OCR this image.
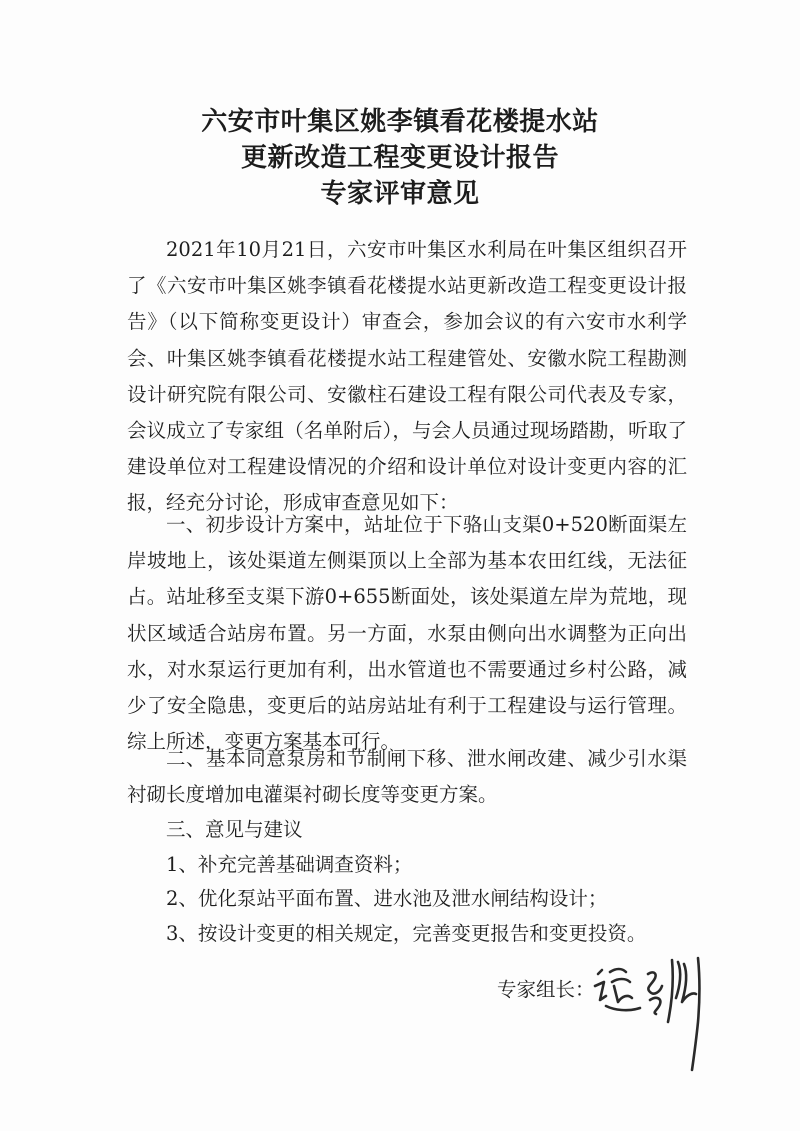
六安市叶集区姚李镇看花楼提水站
更新改造工程变更设计报告
专家评审意见
2021年10月21日，六安市叶集区水利局在叶集区组织召开了《六安市叶集区姚李镇看花楼提水站更新改造工程变更设计报告》（以下简称变更设计）审查会，参加会议的有六安市水利学会、叶集区姚李镇看花楼提水站工程建管处、安徽水院工程勘测设计研究院有限公司、安徽柱石建设工程有限公司代表及专家，会议成立了专家组（名单附后），与会人员通过现场踏勘，听取了建设单位对工程建设情况的介绍和设计单位对设计变更内容的汇报，经充分讨论，形成审查意见如下：
一、初步设计方案中，站址位于下骆山支渠0+520断面渠左岸坡地上，该处渠道左侧渠顶以上全部为基本农田红线，无法征占。站址移至支渠下游0+655断面处，该处渠道左岸为荒地，现状区域适合站房布置。另一方面，水泵由侧向出水调整为正向出水，对水泵运行更加有利，出水管道也不需要通过乡村公路，减少了安全隐患，变更后的站房站址有利于工程建设与运行管理。综上所述，变更方案基本可行。
二、基本同意泵房和节制闸下移、泄水闸改建、减少引水渠衬砌长度增加电灌渠衬砌长度等变更方案。
三、意见与建议
1、补充完善基础调查资料；
2、优化泵站平面布置、进水池及泄水闸结构设计；
3、按设计变更的相关规定，完善变更报告和变更投资。
专家组长：
